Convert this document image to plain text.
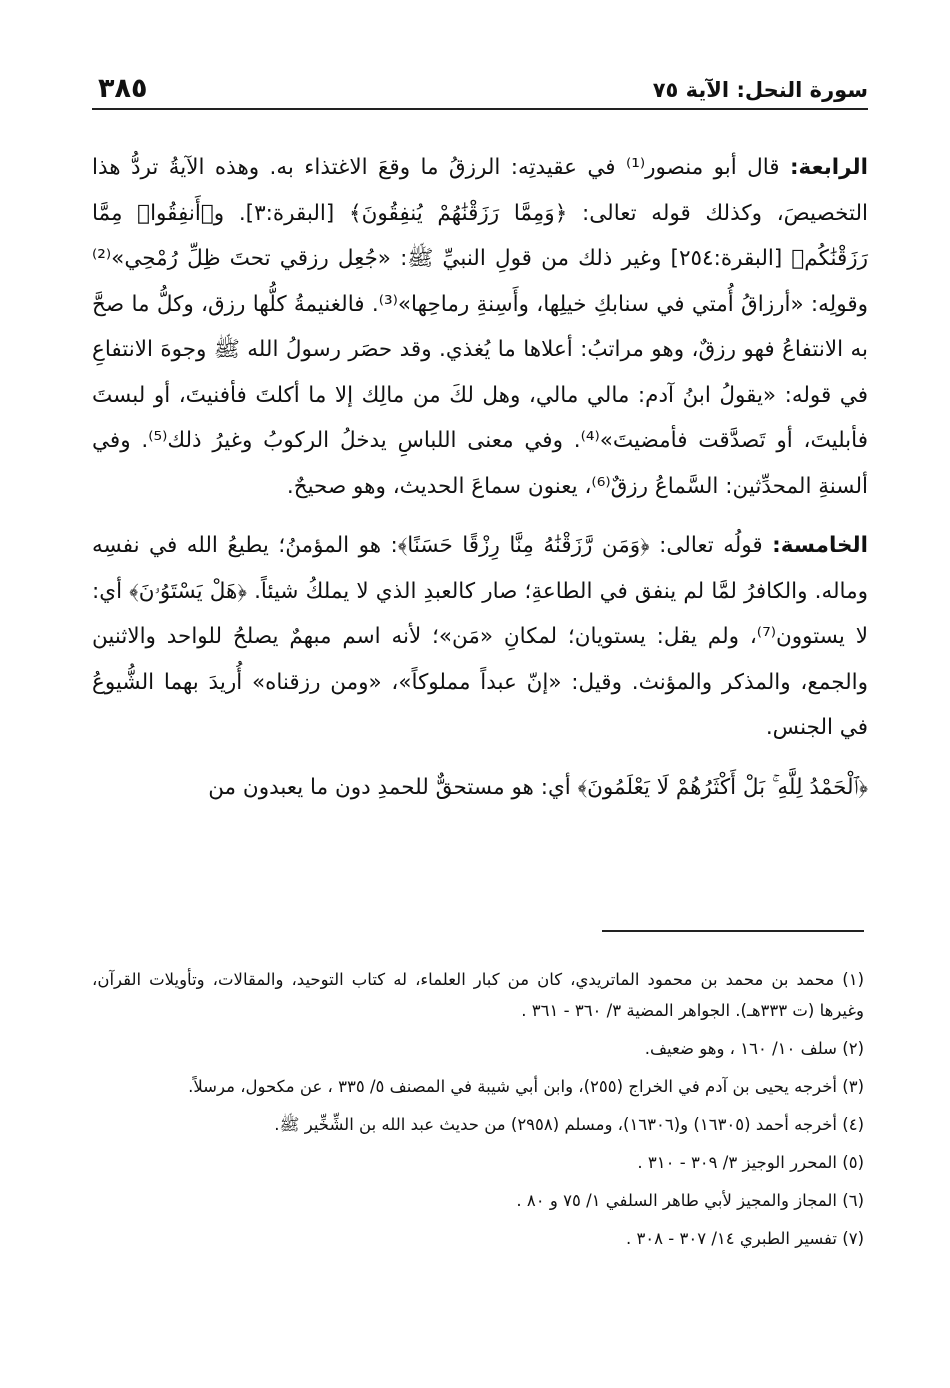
٣٨٥	سورة النحل: الآية ٧٥

الرابعة: قال أبو منصور⁽¹⁾ في عقيدتِه: الرزقُ ما وقعَ الاغتذاء به. وهذه الآيةُ تردُّ هذا التخصيصَ، وكذلك قوله تعالى: ﴿وَمِمَّا رَزَقْنَٰهُمْ يُنفِقُونَ﴾ [البقرة:٣]. و﴿أَنفِقُوا۟ مِمَّا رَزَقْنَٰكُم﴾ [البقرة:٢٥٤] وغير ذلك من قولِ النبيِّ ﷺ: «جُعِل رزقي تحتَ ظِلِّ رُمْحِي»⁽²⁾ وقولِه: «أرزاقُ أُمتي في سنابكِ خيلِها، وأَسِنةِ رماحِها»⁽³⁾. فالغنيمةُ كلُّها رزق، وكلُّ ما صحَّ به الانتفاعُ فهو رزقٌ، وهو مراتبُ: أعلاها ما يُغذي. وقد حصَر رسولُ الله ﷺ وجوهَ الانتفاعِ في قوله: «يقولُ ابنُ آدم: مالي مالي، وهل لكَ من مالِك إلا ما أكلتَ فأفنيتَ، أو لبستَ فأبليتَ، أو تَصدَّقت فأمضيتَ»⁽⁴⁾. وفي معنى اللباسِ يدخلُ الركوبُ وغيرُ ذلك⁽⁵⁾. وفي ألسنةِ المحدِّثين: السَّماعُ رزقٌ⁽⁶⁾، يعنون سماعَ الحديث، وهو صحيحٌ.

الخامسة: قولُه تعالى: ﴿وَمَن رَّزَقْنَٰهُ مِنَّا رِزْقًا حَسَنًا﴾: هو المؤمنُ؛ يطيعُ الله في نفسِه وماله. والكافرُ لمَّا لم ينفق في الطاعةِ؛ صار كالعبدِ الذي لا يملكُ شيئاً. ﴿هَلْ يَسْتَوُۥنَ﴾ أي: لا يستوون⁽⁷⁾، ولم يقل: يستويان؛ لمكانِ «مَن»؛ لأنه اسم مبهمٌ يصلحُ للواحد والاثنين والجمع، والمذكر والمؤنث. وقيل: «إنّ عبداً مملوكاً»، «ومن رزقناه» أُريدَ بهما الشُّيوعُ في الجنس.

﴿ٱلْحَمْدُ لِلَّهِ ۚ بَلْ أَكْثَرُهُمْ لَا يَعْلَمُونَ﴾ أي: هو مستحقٌّ للحمدِ دون ما يعبدون من

(١) محمد بن محمد بن محمود الماتريدي، كان من كبار العلماء، له كتاب التوحيد، والمقالات، وتأويلات القرآن، وغيرها (ت ٣٣٣هـ). الجواهر المضية ٣/ ٣٦٠ - ٣٦١ .
(٢) سلف ١٠/ ١٦٠ ، وهو ضعيف.
(٣) أخرجه يحيى بن آدم في الخراج (٢٥٥)، وابن أبي شيبة في المصنف ٥/ ٣٣٥ ، عن مكحول، مرسلاً.
(٤) أخرجه أحمد (١٦٣٠٥) و(١٦٣٠٦)، ومسلم (٢٩٥٨) من حديث عبد الله بن الشِّخِّير ﷺ.
(٥) المحرر الوجيز ٣/ ٣٠٩ - ٣١٠ .
(٦) المجاز والمجيز لأبي طاهر السلفي ١/ ٧٥ و ٨٠ .
(٧) تفسير الطبري ١٤/ ٣٠٧ - ٣٠٨ .
